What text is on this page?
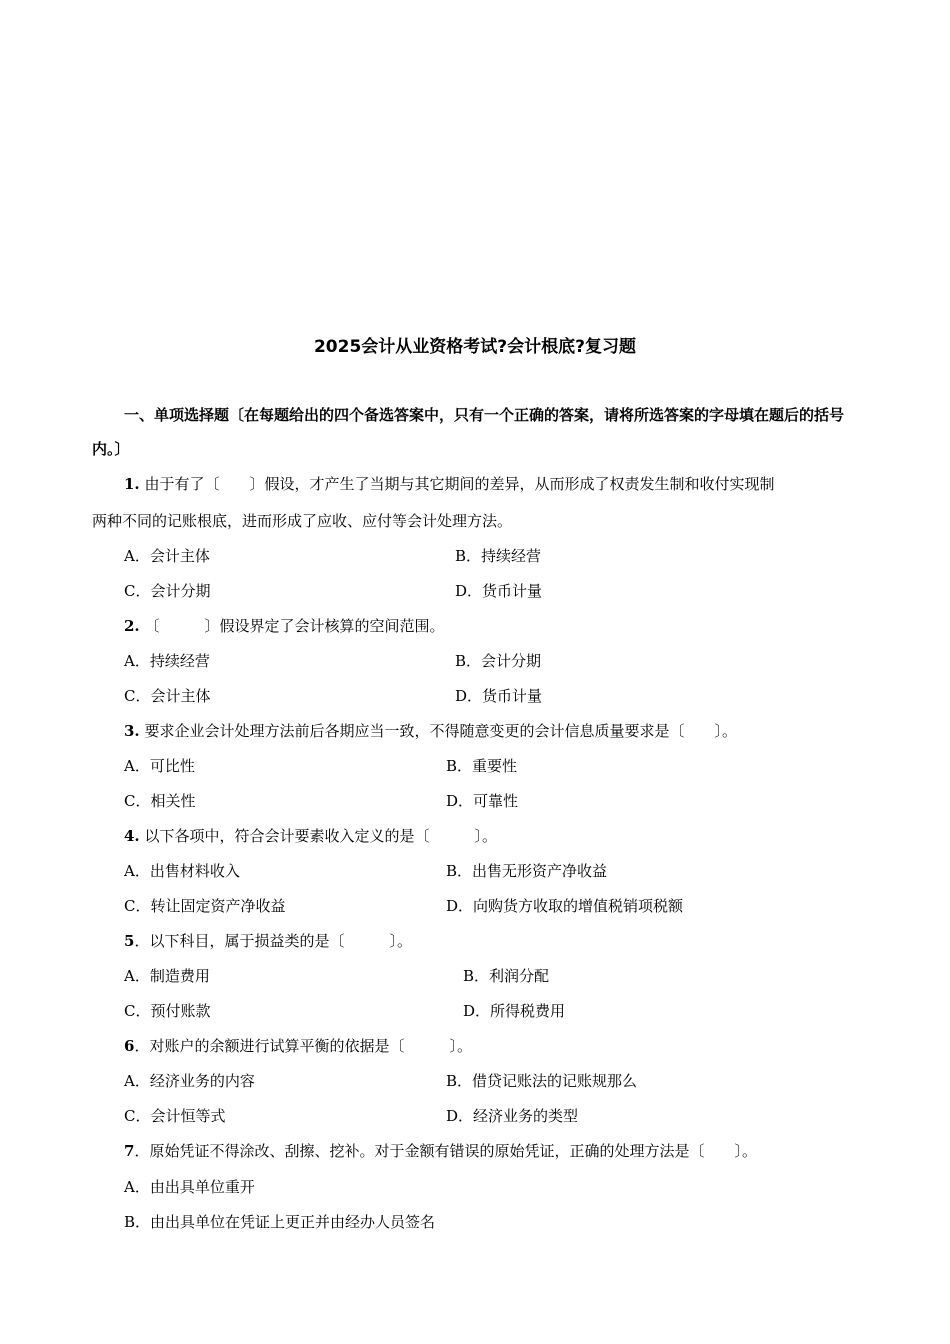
2025会计从业资格考试?会计根底?复习题
一、单项选择题〔在每题给出的四个备选答案中，只有一个正确的答案，请将所选答案的字母填在题后的括号内。〕
1. 由于有了〔　　〕假设，才产生了当期与其它期间的差异，从而形成了权责发生制和收付实现制
两种不同的记账根底，进而形成了应收、应付等会计处理方法。
A．会计主体	B．持续经营
C．会计分期	D．货币计量
2. 〔　　　〕假设界定了会计核算的空间范围。
A．持续经营	B．会计分期
C．会计主体	D．货币计量
3. 要求企业会计处理方法前后各期应当一致，不得随意变更的会计信息质量要求是〔　　〕。
A．可比性	B．重要性
C．相关性	D．可靠性
4. 以下各项中，符合会计要素收入定义的是〔　　　〕。
A．出售材料收入	B．出售无形资产净收益
C．转让固定资产净收益	D．向购货方收取的增值税销项税额
5．以下科目，属于损益类的是〔　　　〕。
A．制造费用	B．利润分配
C．预付账款	D．所得税费用
6．对账户的余额进行试算平衡的依据是〔　　　〕。
A．经济业务的内容	B．借贷记账法的记账规那么
C．会计恒等式	D．经济业务的类型
7．原始凭证不得涂改、刮擦、挖补。对于金额有错误的原始凭证，正确的处理方法是〔　　〕。
A．由出具单位重开
B．由出具单位在凭证上更正并由经办人员签名
